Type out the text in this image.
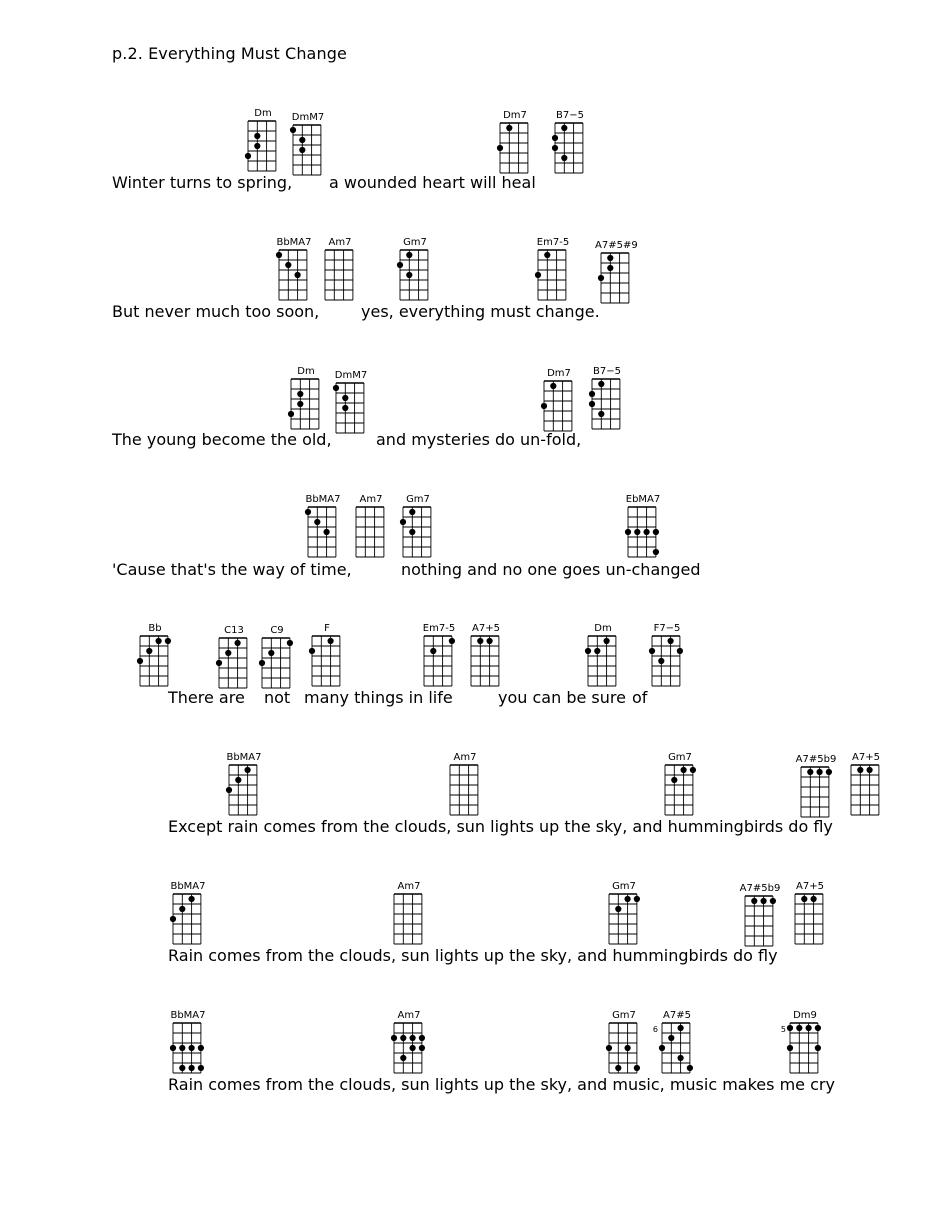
p.2. Everything Must Change
Dm	DmM7	Dm7	B7−5
Winter turns to spring, a wounded heart will heal
BbMA7	Am7	Gm7	Em7-5	A7#5#9
But never much too soon,	yes, everything must change.
Dm	DmM7	Dm7	B7−5
The young become the old,	and mysteries do un-fold,
BbMA7	Am7	Gm7	EbMA7
'Cause that's the way of time,	nothing and no one goes un-changed
Bb	C13	C9	F	Em7-5	A7+5	Dm	F7−5
There are not many things in life	you can be sure of
BbMA7	Am7	Gm7	A7#5b9	A7+5
Except rain comes from the clouds, sun lights up the sky, and hummingbirds do fly
BbMA7	Am7	Gm7	A7#5b9	A7+5
Rain comes from the clouds, sun lights up the sky, and hummingbirds do fly
BbMA7	Am7	Gm7	A7#5
6
Dm9
5
Rain comes from the clouds, sun lights up the sky, and music, music makes me cry
